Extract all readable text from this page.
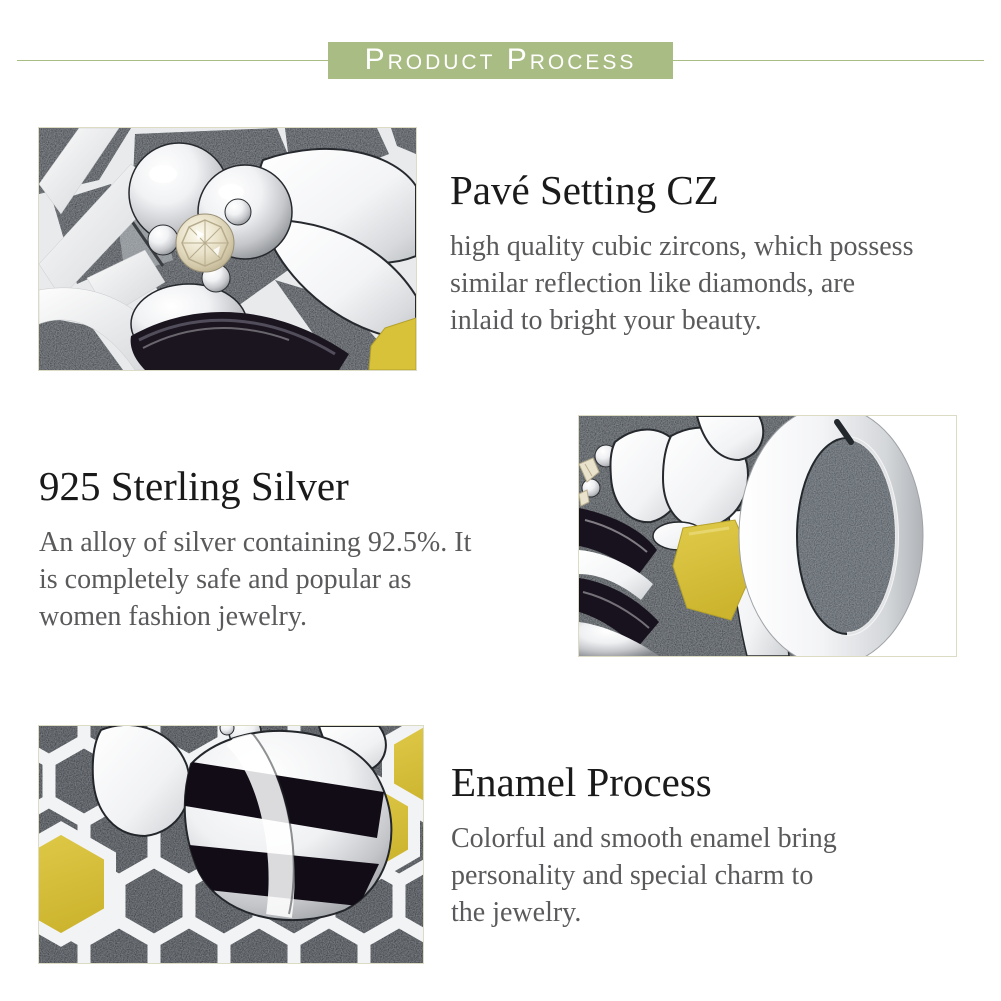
Product Process
Pavé Setting CZ

high quality cubic zircons, which possess
similar reflection like diamonds, are
inlaid to bright your beauty.

925 Sterling Silver

An alloy of silver containing 92.5%. It
is completely safe and popular as
women fashion jewelry.

Enamel Process

Colorful and smooth enamel bring
personality and special charm to
the jewelry.
